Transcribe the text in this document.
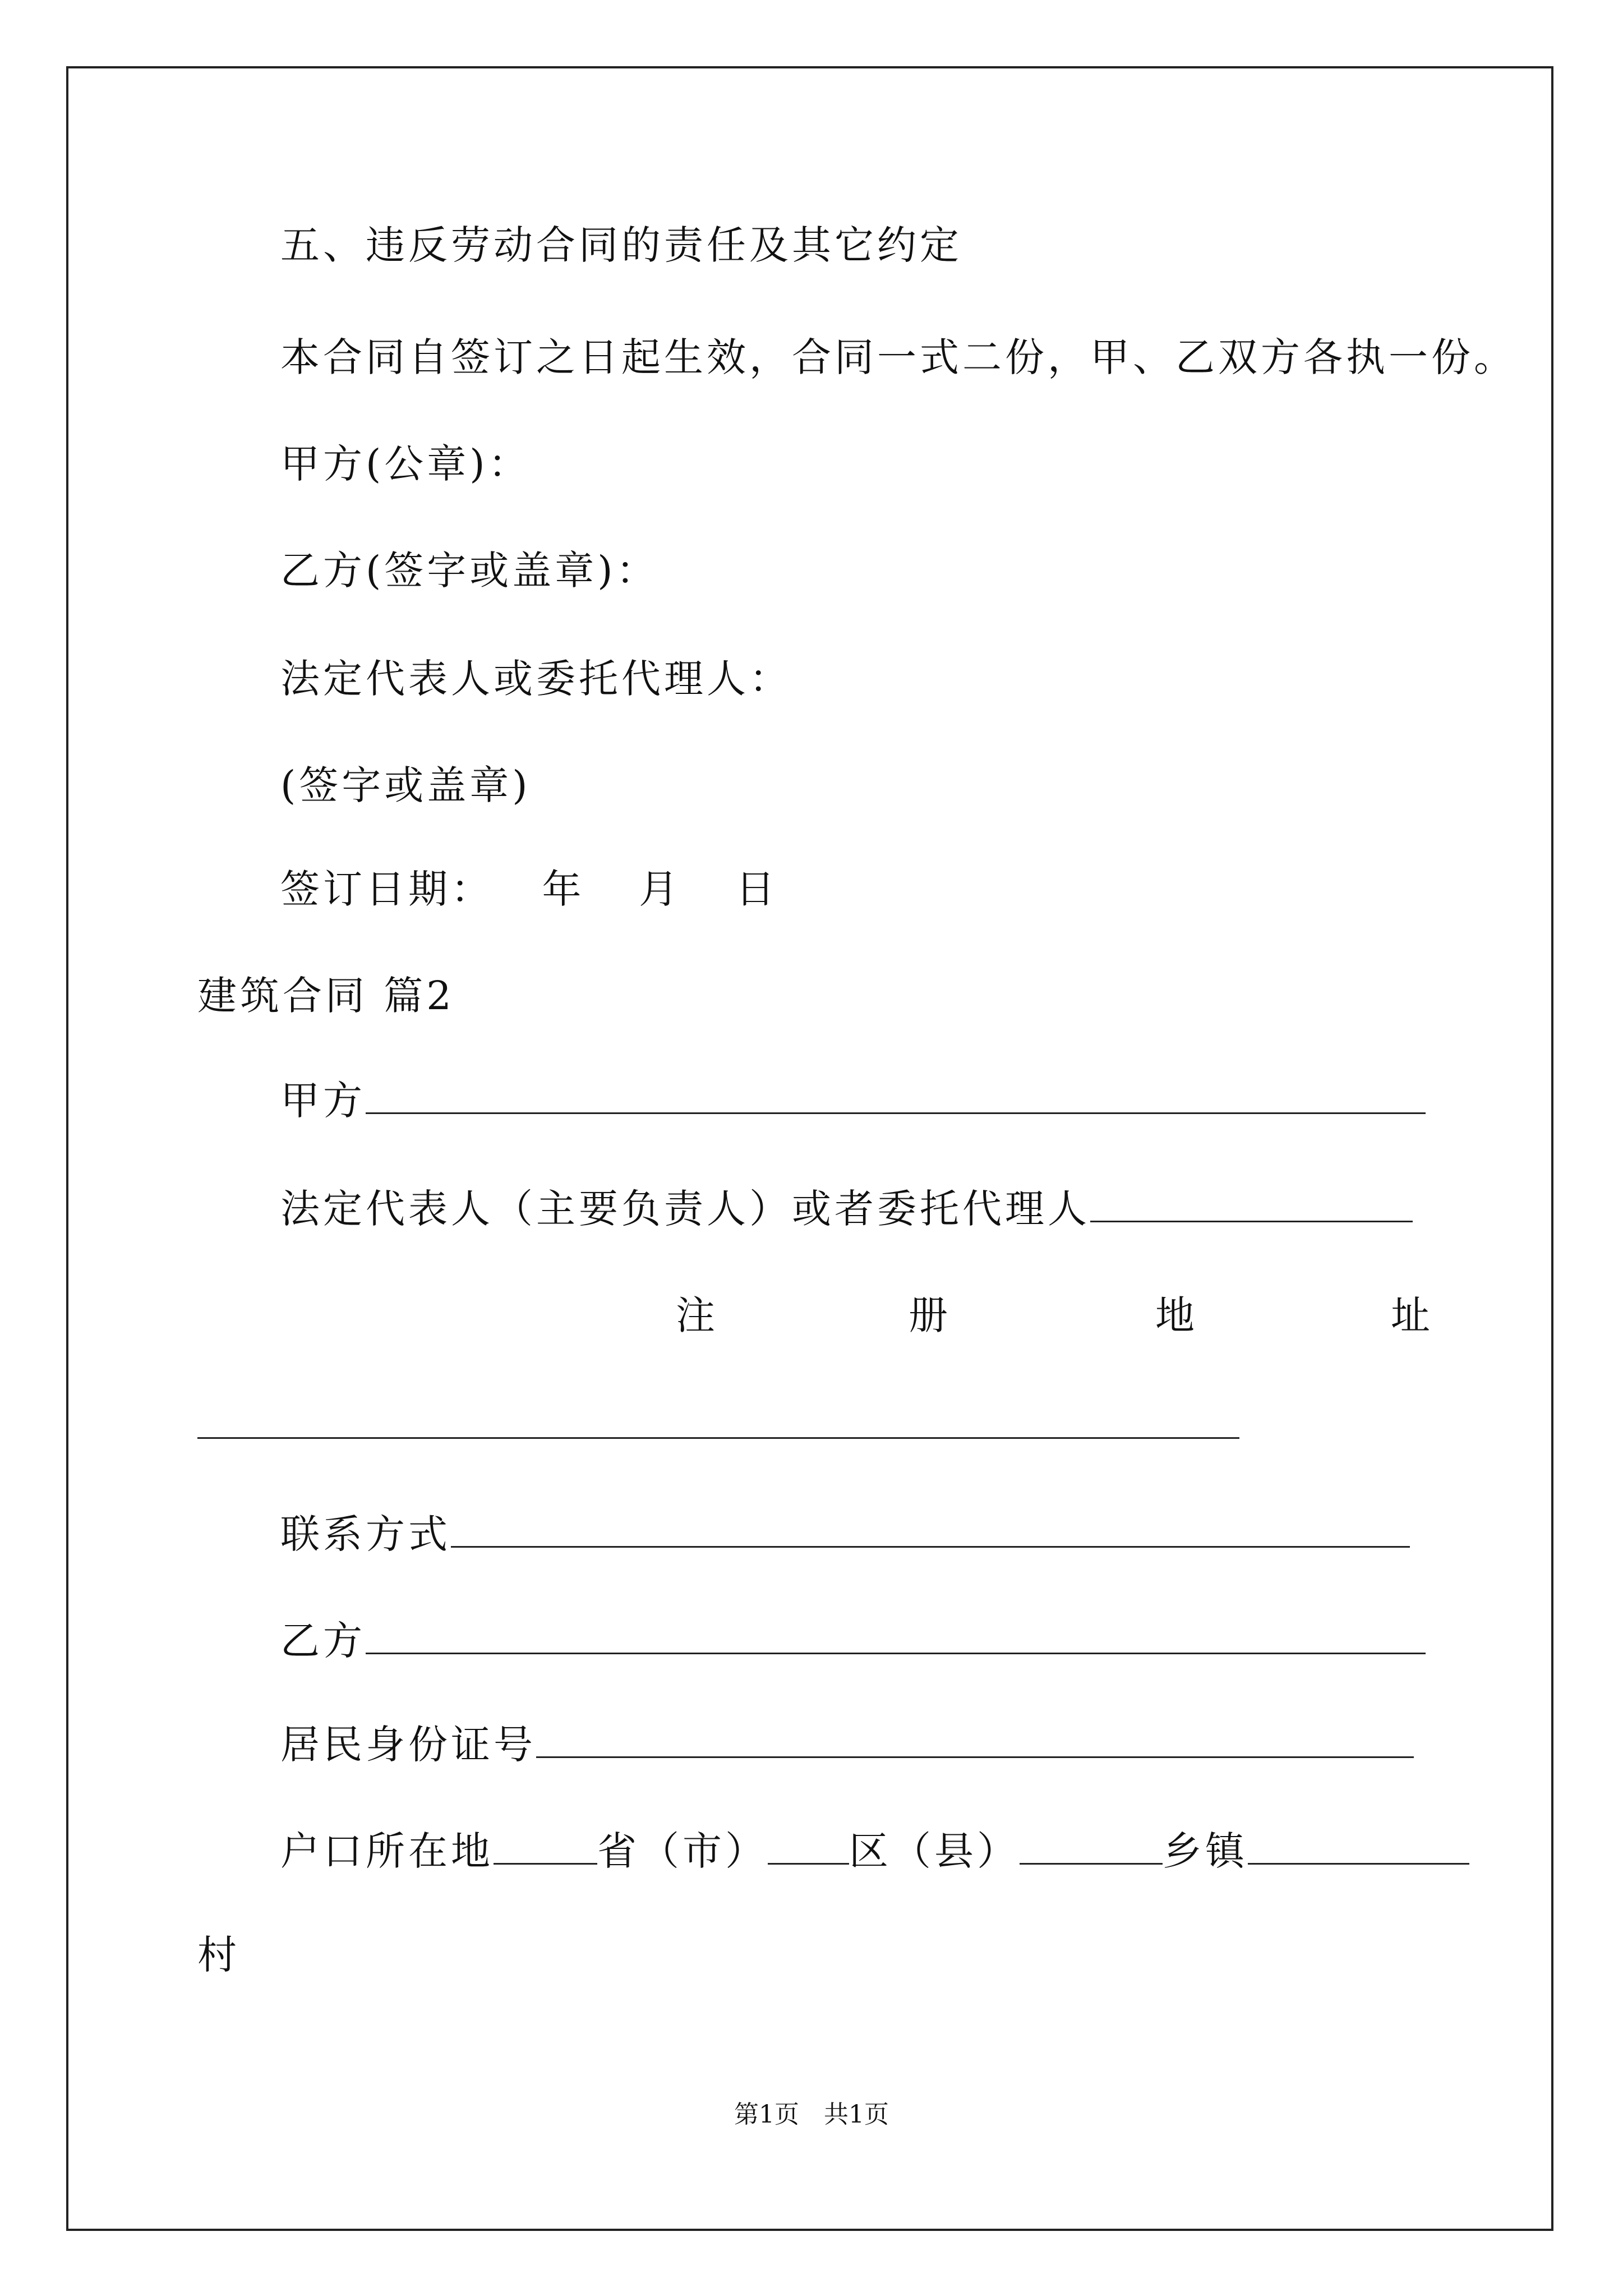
五、违反劳动合同的责任及其它约定
本合同自签订之日起生效，合同一式二份，甲、乙双方各执一份。
甲方(公章)：
乙方(签字或盖章)：
法定代表人或委托代理人：
(签字或盖章)
签订日期： 年 月 日
建筑合同 篇2
甲方
法定代表人（主要负责人）或者委托代理人
注	册	地	址
联系方式
乙方
居民身份证号
户口所在地	省（市） 区（县）	乡镇
村
第1页　共1页
